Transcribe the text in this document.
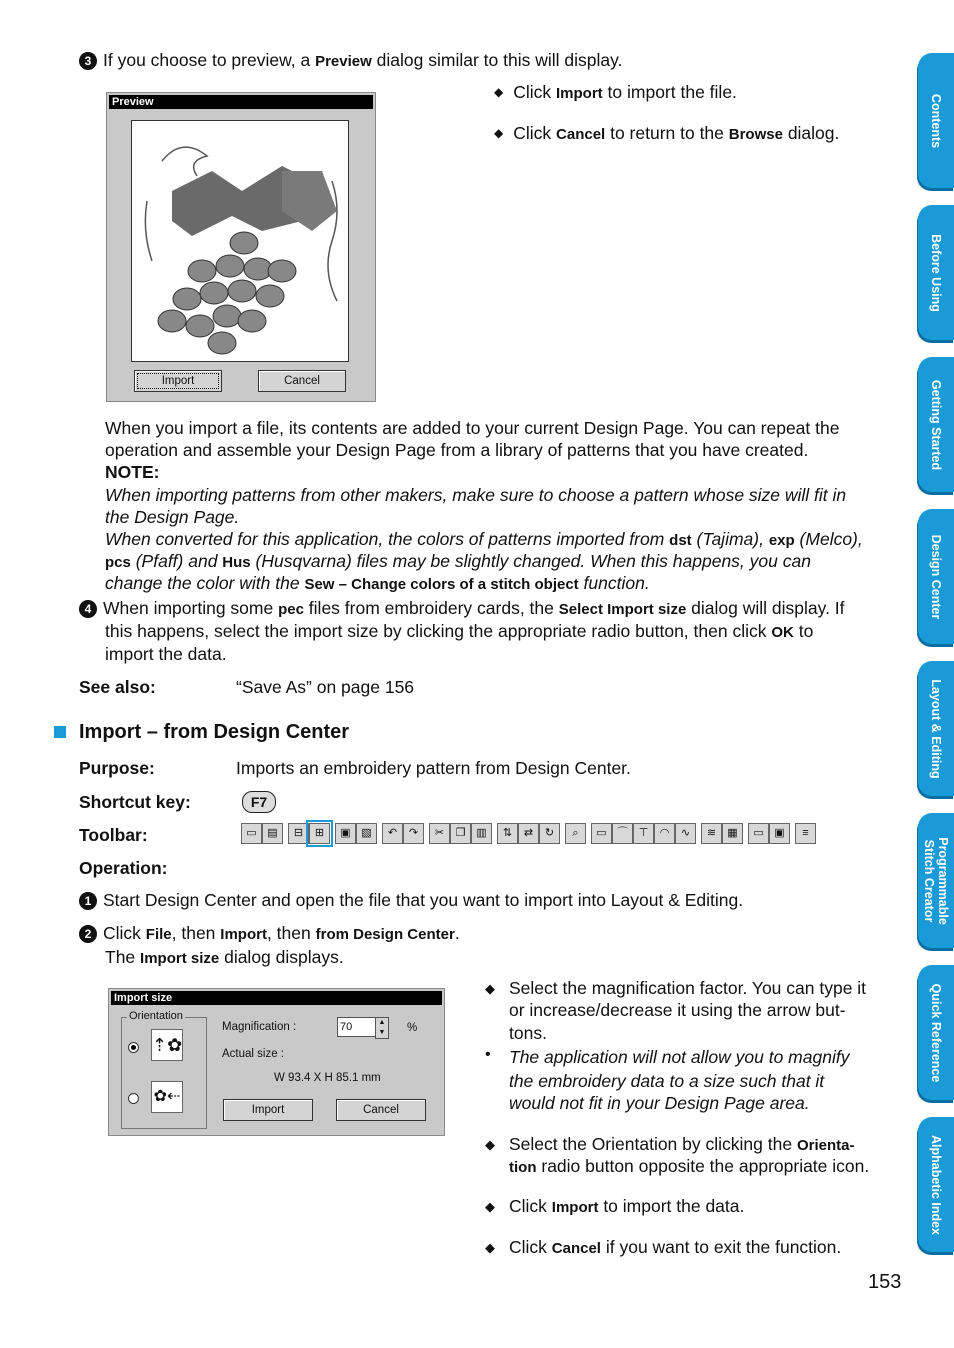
3 If you choose to preview, a Preview dialog similar to this will display.
Preview
Import	Cancel
◆ Click Import to import the file.
◆ Click Cancel to return to the Browse dialog.
When you import a file, its contents are added to your current Design Page. You can repeat the
operation and assemble your Design Page from a library of patterns that you have created.
NOTE:
When importing patterns from other makers, make sure to choose a pattern whose size will fit in
the Design Page.
When converted for this application, the colors of patterns imported from dst (Tajima), exp (Melco),
pcs (Pfaff) and Hus (Husqvarna) files may be slightly changed. When this happens, you can
change the color with the Sew – Change colors of a stitch object function.
4 When importing some pec files from embroidery cards, the Select Import size dialog will display. If
this happens, select the import size by clicking the appropriate radio button, then click OK to
import the data.
See also:	“Save As” on page 156
Import – from Design Center
Purpose:	Imports an embroidery pattern from Design Center.
Shortcut key:	F7
Toolbar:	▭ ▤ ⊟ ⊞ ▣ ▧ ↶ ↷ ✂ ❐ ▥ ⇅ ⇄ ↻ ⌕ ▭ ⌒ ⊤ ◠ ∿ ≋ ▦ ▭ ▣ ≡
Operation:
1 Start Design Center and open the file that you want to import into Layout & Editing.
2 Click File, then Import, then from Design Center.
The Import size dialog displays.
Import size
Orientation
⇡✿
✿⇠
Magnification :	70	▲
▼	%
Actual size :
W 93.4 X H 85.1 mm
Import	Cancel
◆ Select the magnification factor. You can type it
or increase/decrease it using the arrow but-
tons.
• The application will not allow you to magnify
the embroidery data to a size such that it
would not fit in your Design Page area.
◆ Select the Orientation by clicking the Orienta-
tion radio button opposite the appropriate icon.
◆ Click Import to import the data.
◆ Click Cancel if you want to exit the function.
153
Contents
Before Using
Getting Started
Design Center
Layout & Editing
Programmable Stitch Creator
Quick Reference
Alphabetic Index
